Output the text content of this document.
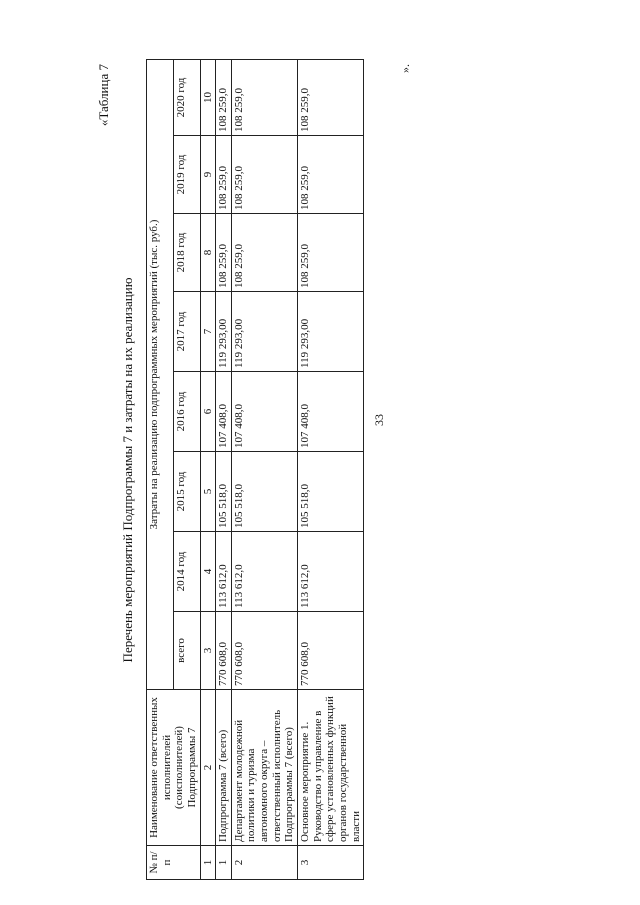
33
«Таблица 7
Перечень мероприятий Подпрограммы 7 и затраты на их реализацию
№ п/п	Наименование ответственных исполнителей (соисполнителей) Подпрограммы 7	Затраты на реализацию подпрограммных мероприятий (тыс. руб.)							
		всего	2014 год	2015 год	2016 год	2017 год	2018 год	2019 год	2020 год
1	2	3	4	5	6	7	8	9	10
1	Подпрограмма 7 (всего)	770 608,0	113 612,0	105 518,0	107 408,0	119 293,00	108 259,0	108 259,0	108 259,0
2	Департамент молодежной политики и туризма автономного округа – ответственный исполнитель Подпрограммы 7 (всего)	770 608,0	113 612,0	105 518,0	107 408,0	119 293,00	108 259,0	108 259,0	108 259,0
3	Основное мероприятие 1. Руководство и управление в сфере установленных функций органов государственной власти	770 608,0	113 612,0	105 518,0	107 408,0	119 293,00	108 259,0	108 259,0	108 259,0
».
